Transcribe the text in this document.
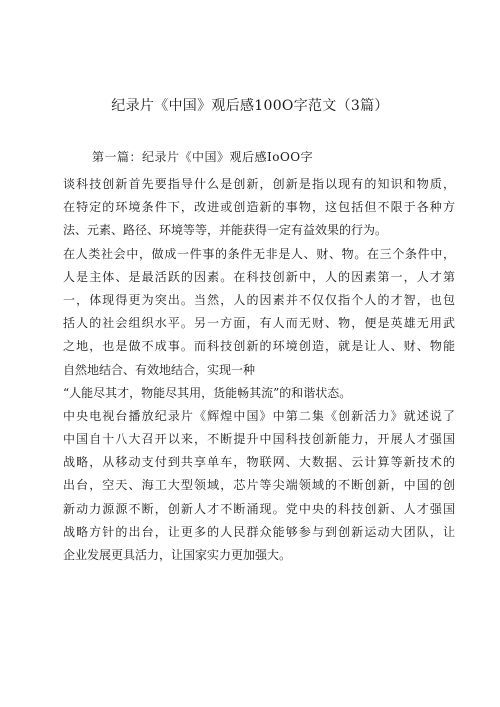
纪录片《中国》观后感100O字范文（3篇）
第一篇：纪录片《中国》观后感IoOO字
谈科技创新首先要指导什么是创新，创新是指以现有的知识和物质，
在特定的环境条件下，改进或创造新的事物，这包括但不限于各种方
法、元素、路径、环境等等，并能获得一定有益效果的行为。
在人类社会中，做成一件事的条件无非是人、财、物。在三个条件中，
人是主体、是最活跃的因素。在科技创新中，人的因素第一，人才第
一，体现得更为突出。当然，人的因素并不仅仅指个人的才智，也包
括人的社会组织水平。另一方面，有人而无财、物，便是英雄无用武
之地，也是做不成事。而科技创新的环境创造，就是让人、财、物能
自然地结合、有效地结合，实现一种
“人能尽其才，物能尽其用，货能畅其流”的和谐状态。
中央电视台播放纪录片《辉煌中国》中第二集《创新活力》就述说了
中国自十八大召开以来，不断提升中国科技创新能力，开展人才强国
战略，从移动支付到共享单车，物联网、大数据、云计算等新技术的
出台，空天、海工大型领域，芯片等尖端领域的不断创新，中国的创
新动力源源不断，创新人才不断涌现。党中央的科技创新、人才强国
战略方针的出台，让更多的人民群众能够参与到创新运动大团队，让
企业发展更具活力，让国家实力更加强大。
